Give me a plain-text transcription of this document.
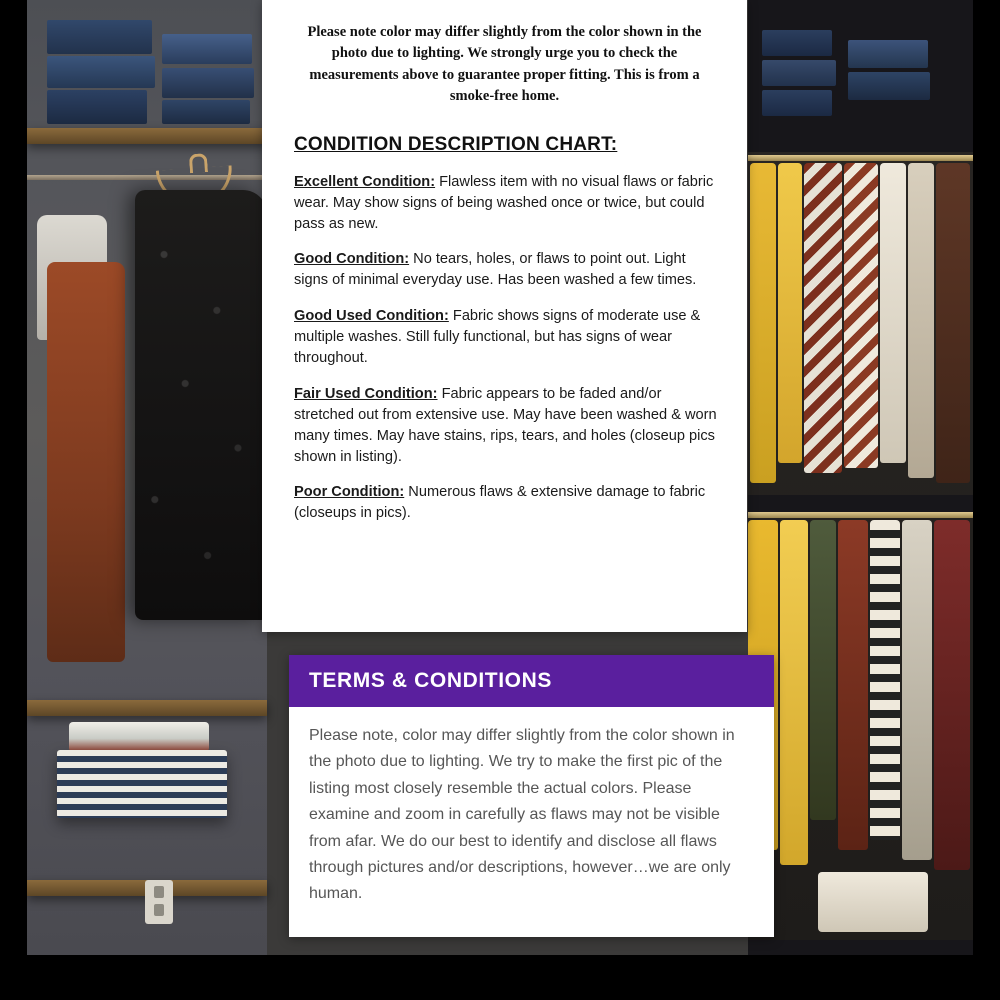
Please note color may differ slightly from the color shown in the photo due to lighting. We strongly urge you to check the measurements above to guarantee proper fitting. This is from a smoke-free home.

CONDITION DESCRIPTION CHART:

Excellent Condition: Flawless item with no visual flaws or fabric wear. May show signs of being washed once or twice, but could pass as new.

Good Condition: No tears, holes, or flaws to point out. Light signs of minimal everyday use. Has been washed a few times.

Good Used Condition: Fabric shows signs of moderate use & multiple washes. Still fully functional, but has signs of wear throughout.

Fair Used Condition: Fabric appears to be faded and/or stretched out from extensive use. May have been washed & worn many times. May have stains, rips, tears, and holes (closeup pics shown in listing).

Poor Condition: Numerous flaws & extensive damage to fabric (closeups in pics).

TERMS & CONDITIONS
Please note, color may differ slightly from the color shown in the photo due to lighting. We try to make the first pic of the listing most closely resemble the actual colors. Please examine and zoom in carefully as flaws may not be visible from afar. We do our best to identify and disclose all flaws through pictures and/or descriptions, however…we are only human.
